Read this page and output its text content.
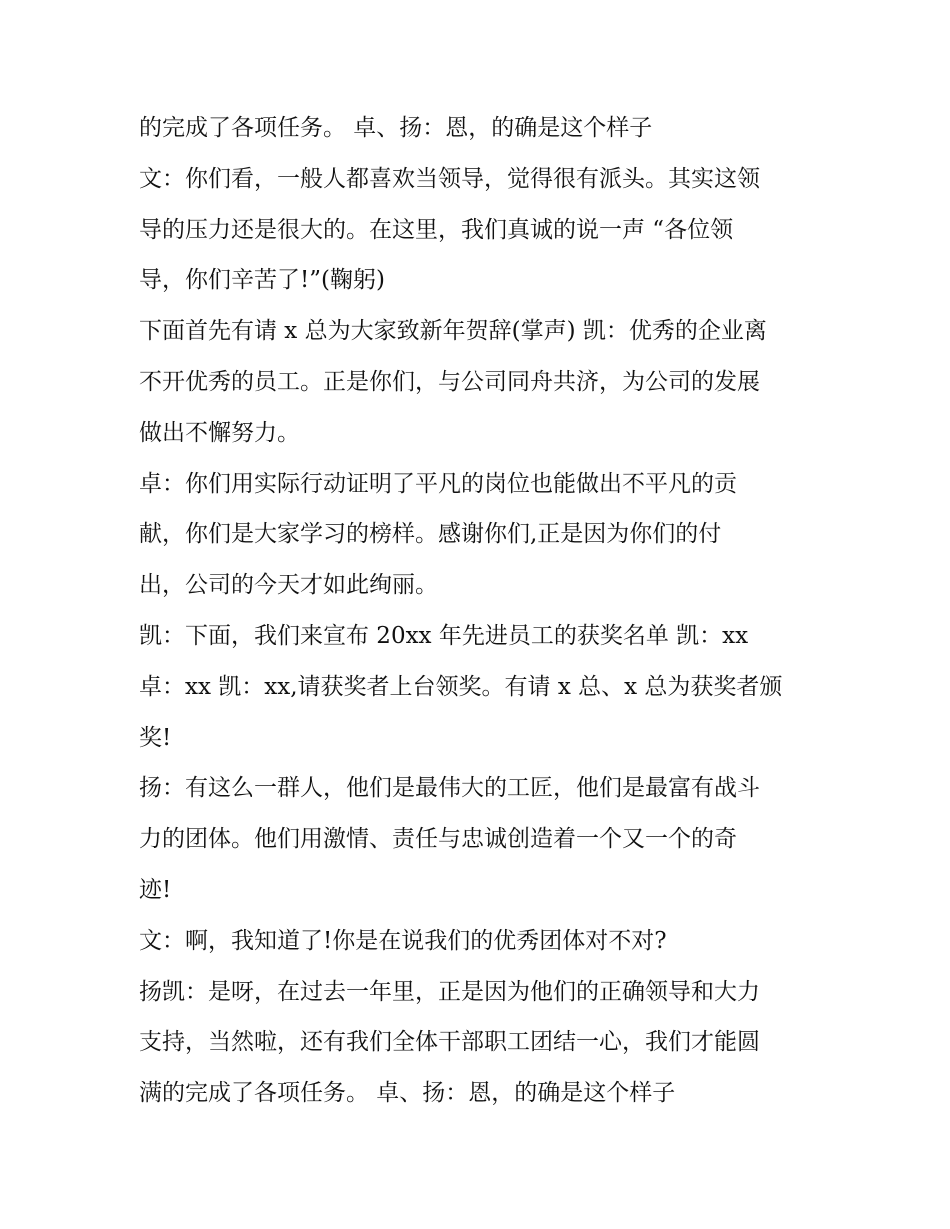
的完成了各项任务。 卓、扬：恩，的确是这个样子
文：你们看，一般人都喜欢当领导，觉得很有派头。其实这领
导的压力还是很大的。在这里，我们真诚的说一声 “各位领
导，你们辛苦了!”(鞠躬)
下面首先有请 x 总为大家致新年贺辞(掌声) 凯：优秀的企业离
不开优秀的员工。正是你们，与公司同舟共济，为公司的发展
做出不懈努力。
卓：你们用实际行动证明了平凡的岗位也能做出不平凡的贡
献，你们是大家学习的榜样。感谢你们,正是因为你们的付
出，公司的今天才如此绚丽。
凯：下面，我们来宣布 20xx 年先进员工的获奖名单 凯：xx
卓：xx 凯：xx,请获奖者上台领奖。有请 x 总、x 总为获奖者颁
奖!
扬：有这么一群人，他们是最伟大的工匠，他们是最富有战斗
力的团体。他们用激情、责任与忠诚创造着一个又一个的奇
迹!
文：啊，我知道了!你是在说我们的优秀团体对不对?
扬凯：是呀，在过去一年里，正是因为他们的正确领导和大力
支持，当然啦，还有我们全体干部职工团结一心，我们才能圆
满的完成了各项任务。 卓、扬：恩，的确是这个样子
